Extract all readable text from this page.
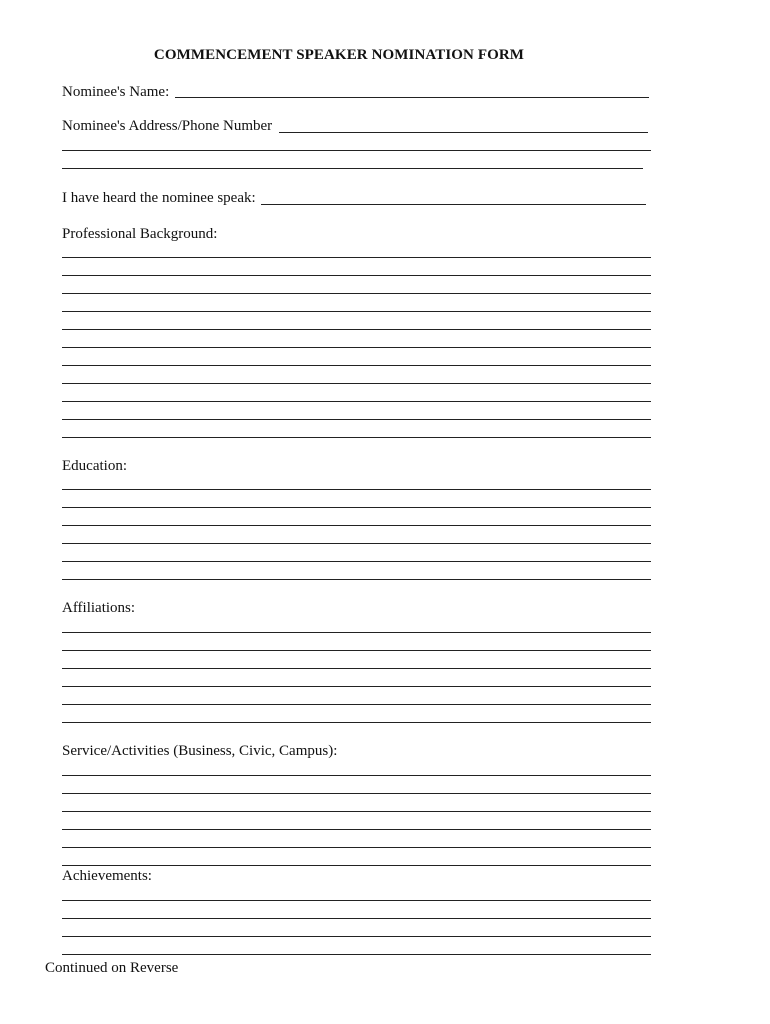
COMMENCEMENT SPEAKER NOMINATION FORM
Nominee's Name:
Nominee's Address/Phone Number
I have heard the nominee speak:
Professional Background:
Education:
Affiliations:
Service/Activities (Business, Civic, Campus):
Achievements:
Continued on Reverse
